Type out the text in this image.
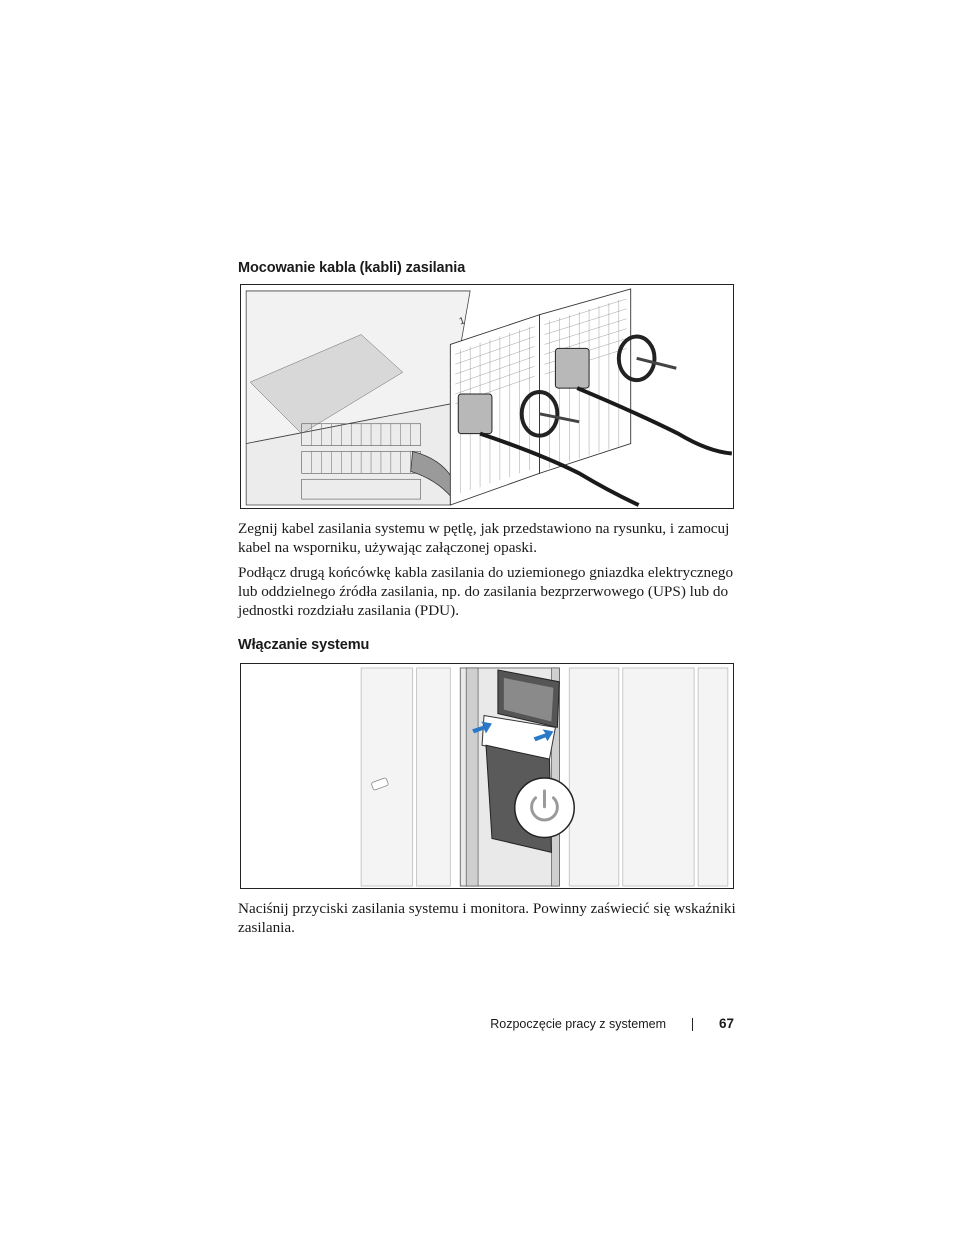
Mocowanie kabla (kabli) zasilania
1

Zegnij kabel zasilania systemu w pętlę, jak przedstawiono na rysunku, i zamocuj kabel na wsporniku, używając załączonej opaski.

Podłącz drugą końcówkę kabla zasilania do uziemionego gniazdka elektrycznego lub oddzielnego źródła zasilania, np. do zasilania bezprzerwowego (UPS) lub do jednostki rozdziału zasilania (PDU).

Włączanie systemu

Naciśnij przyciski zasilania systemu i monitora. Powinny zaświecić się wskaźniki zasilania.

Rozpoczęcie pracy z systemem	67
